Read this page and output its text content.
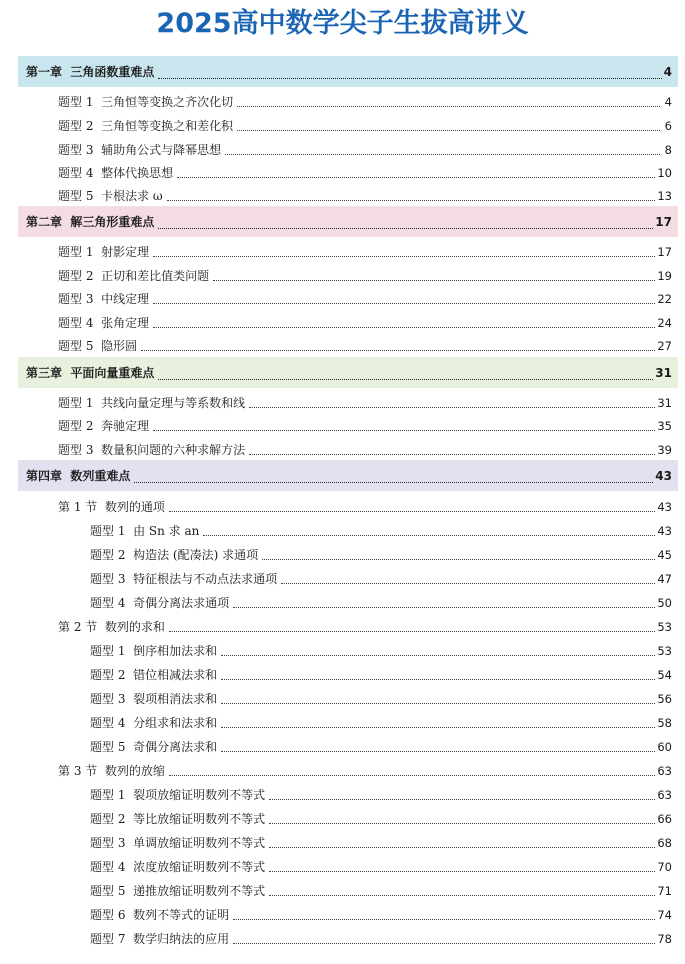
2025高中数学尖子生拔高讲义
第一章  三角函数重难点	4
题型 1  三角恒等变换之齐次化切	4
题型 2  三角恒等变换之和差化积	6
题型 3  辅助角公式与降幂思想	8
题型 4  整体代换思想	10
题型 5  卡根法求 ω	13
第二章  解三角形重难点	17
题型 1  射影定理	17
题型 2  正切和差比值类问题	19
题型 3  中线定理	22
题型 4  张角定理	24
题型 5  隐形圆	27
第三章  平面向量重难点	31
题型 1  共线向量定理与等系数和线	31
题型 2  奔驰定理	35
题型 3  数量积问题的六种求解方法	39
第四章  数列重难点	43
第 1 节  数列的通项	43
题型 1  由 Sn 求 an	43
题型 2  构造法 (配凑法) 求通项	45
题型 3  特征根法与不动点法求通项	47
题型 4  奇偶分离法求通项	50
第 2 节  数列的求和	53
题型 1  倒序相加法求和	53
题型 2  错位相减法求和	54
题型 3  裂项相消法求和	56
题型 4  分组求和法求和	58
题型 5  奇偶分离法求和	60
第 3 节  数列的放缩	63
题型 1  裂项放缩证明数列不等式	63
题型 2  等比放缩证明数列不等式	66
题型 3  单调放缩证明数列不等式	68
题型 4  浓度放缩证明数列不等式	70
题型 5  递推放缩证明数列不等式	71
题型 6  数列不等式的证明	74
题型 7  数学归纳法的应用	78
